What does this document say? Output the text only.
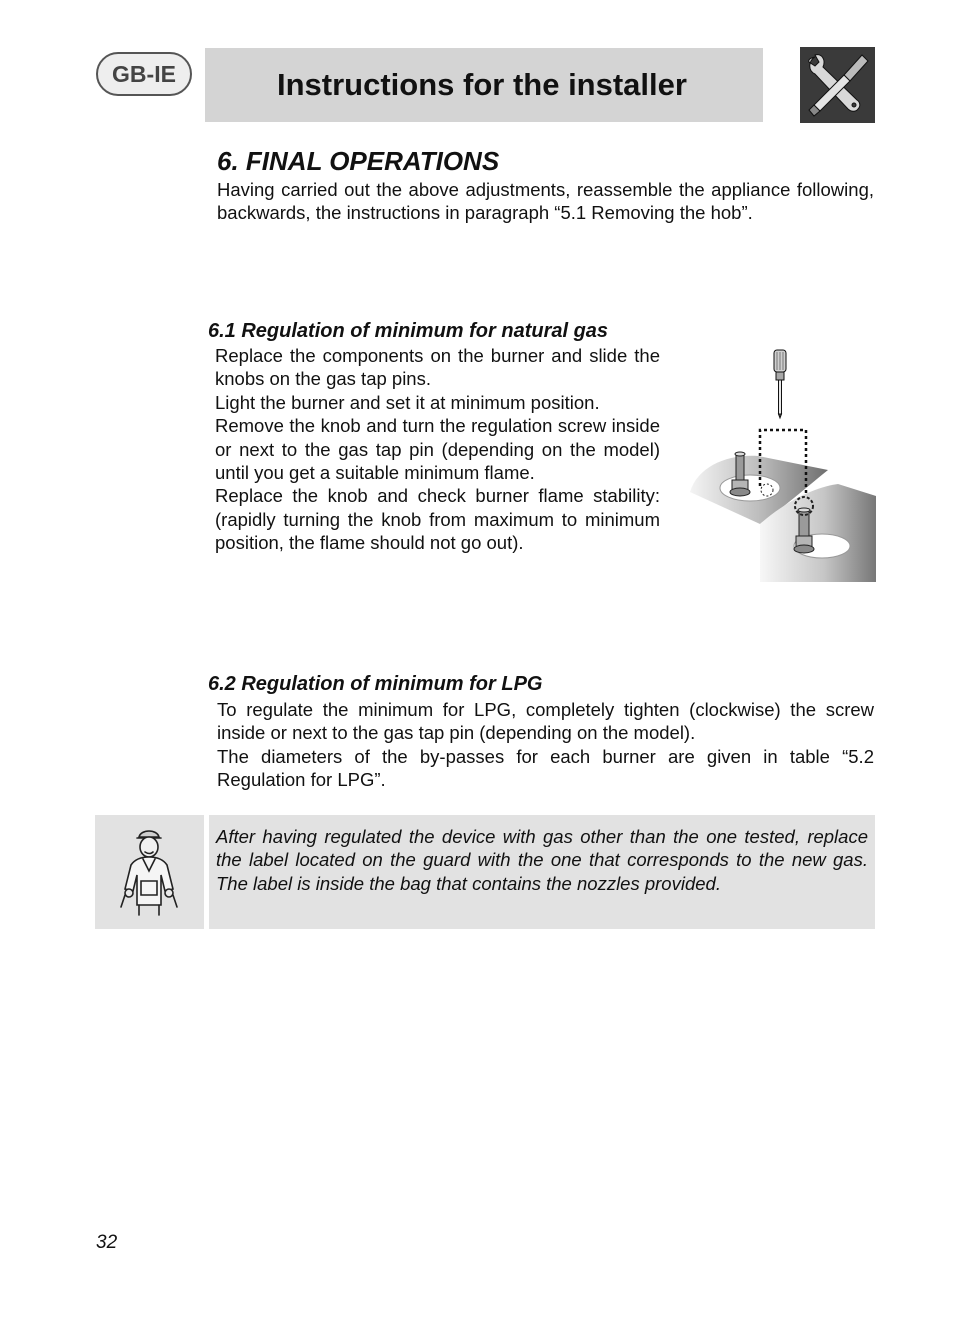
GB-IE	Instructions for the installer
6. FINAL OPERATIONS

Having carried out the above adjustments, reassemble the appliance following, backwards, the instructions in paragraph “5.1 Removing the hob”.

6.1 Regulation of minimum for natural gas
Replace the components on the burner and slide the knobs on the gas tap pins.
Light the burner and set it at minimum position.
Remove the knob and turn the regulation screw inside or next to the gas tap pin (depending on the model) until you get a suitable minimum flame.
Replace the knob and check burner flame stability: (rapidly turning the knob from maximum to minimum position, the flame should not go out).
6.2 Regulation of minimum for LPG
To regulate the minimum for LPG, completely tighten (clockwise) the screw inside or next to the gas tap pin (depending on the model).
The diameters of the by-passes for each burner are given in table “5.2 Regulation for LPG”.

After having regulated the device with gas other than the one tested, replace the label located on the guard with the one that corresponds to the new gas. The label is inside the bag that contains the nozzles provided.

32
